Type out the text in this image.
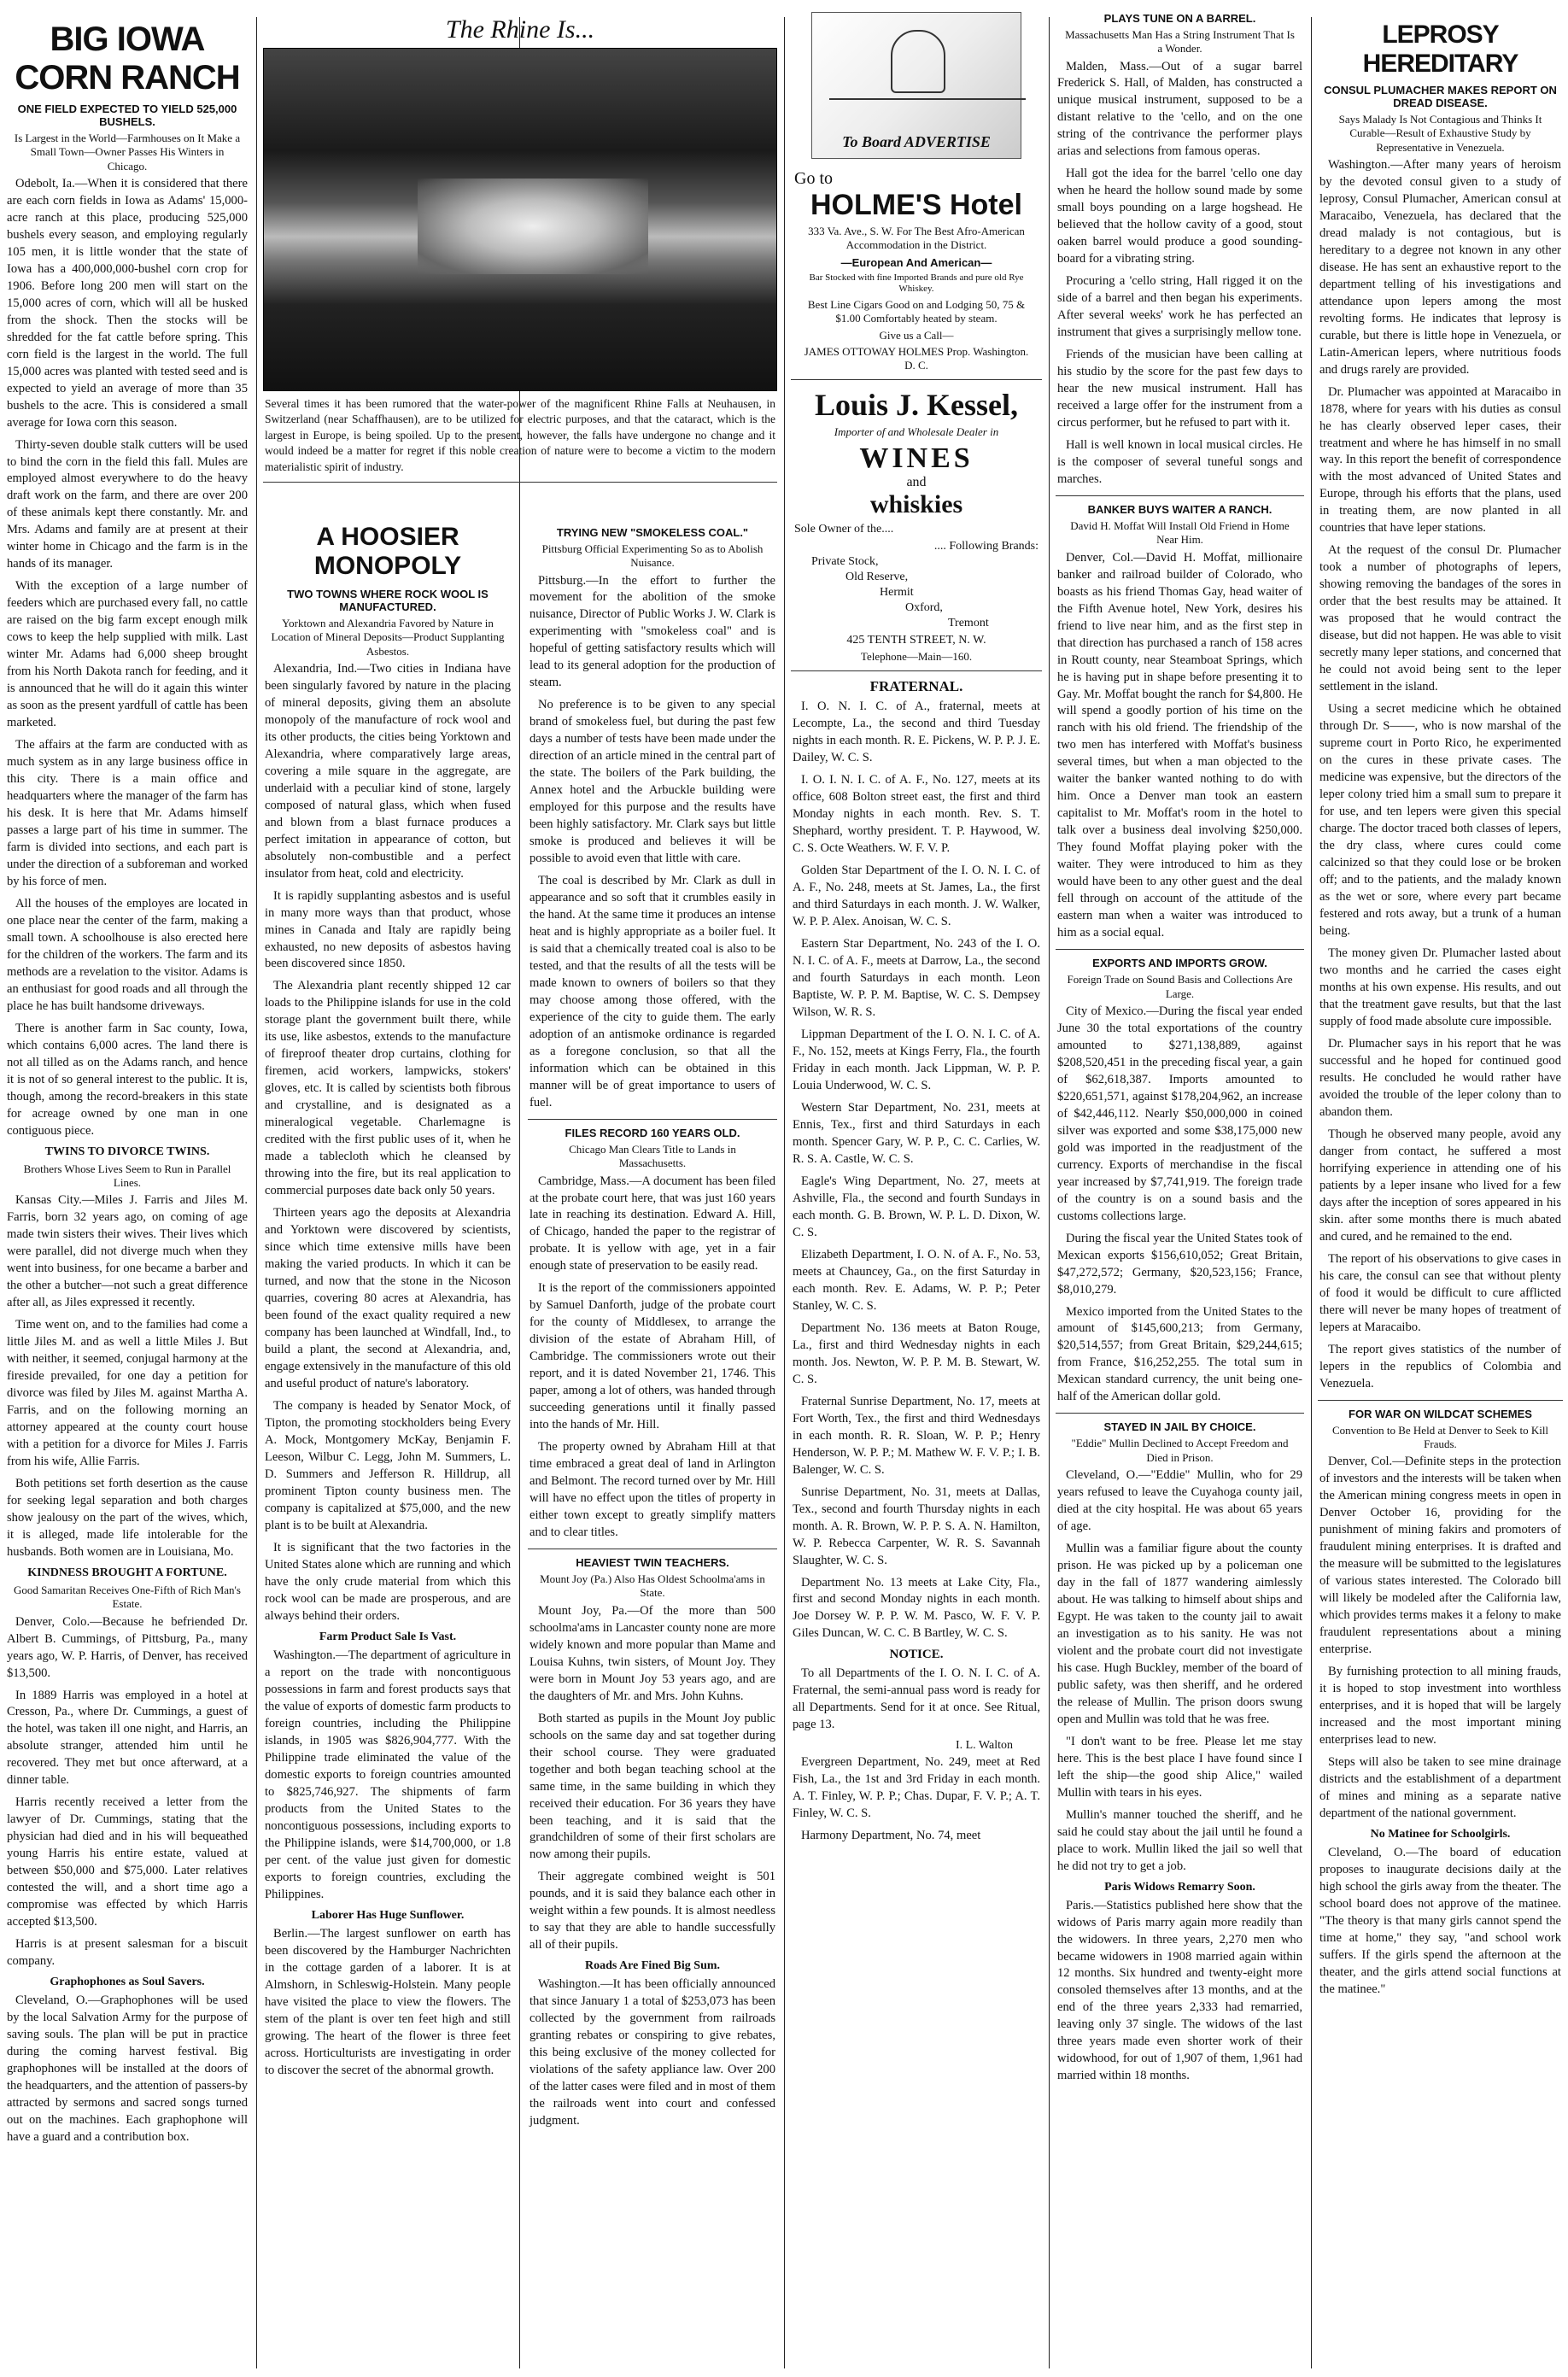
BIG IOWA CORN RANCH
ONE FIELD EXPECTED TO YIELD 525,000 BUSHELS.
Is Largest in the World—Farmhouses on It Make a Small Town—Owner Passes His Winters in Chicago.
Odebolt, Ia.—When it is considered that there are each corn fields in Iowa as Adams' 15,000-acre ranch at this place, producing 525,000 bushels every season, and employing regularly 105 men, it is little wonder that the state of Iowa has a 400,000,000-bushel corn crop for 1906. Before long 200 men will start on the 15,000 acres of corn, which will all be husked from the shock. Then the stocks will be shredded for the fat cattle before spring. This corn field is the largest in the world. The full 15,000 acres was planted with tested seed and is expected to yield an average of more than 35 bushels to the acre. This is considered a small average for Iowa corn this season.
Thirty-seven double stalk cutters will be used to bind the corn in the field this fall. Mules are employed almost everywhere to do the heavy draft work on the farm, and there are over 200 of these animals kept there constantly. Mr. and Mrs. Adams and family are at present at their winter home in Chicago and the farm is in the hands of its manager.
With the exception of a large number of feeders which are purchased every fall, no cattle are raised on the big farm except enough milk cows to keep the help supplied with milk. Last winter Mr. Adams had 6,000 sheep brought from his North Dakota ranch for feeding, and it is announced that he will do it again this winter as soon as the present yardfull of cattle has been marketed.
The affairs at the farm are conducted with as much system as in any large business office in this city. There is a main office and headquarters where the manager of the farm has his desk. It is here that Mr. Adams himself passes a large part of his time in summer. The farm is divided into sections, and each part is under the direction of a subforeman and worked by his force of men.
All the houses of the employes are located in one place near the center of the farm, making a small town. A schoolhouse is also erected here for the children of the workers. The farm and its methods are a revelation to the visitor. Adams is an enthusiast for good roads and all through the place he has built handsome driveways.
There is another farm in Sac county, Iowa, which contains 6,000 acres. The land there is not all tilled as on the Adams ranch, and hence it is not of so general interest to the public. It is, though, among the record-breakers in this state for acreage owned by one man in one contiguous piece.
TWINS TO DIVORCE TWINS.
Brothers Whose Lives Seem to Run in Parallel Lines.
Kansas City.—Miles J. Farris and Jiles M. Farris, born 32 years ago, on coming of age made twin sisters their wives. Their lives which were parallel, did not diverge much when they went into business, for one became a barber and the other a butcher—not such a great difference after all, as Jiles expressed it recently.
Time went on, and to the families had come a little Jiles M. and as well a little Miles J. But with neither, it seemed, conjugal harmony at the fireside prevailed, for one day a petition for divorce was filed by Jiles M. against Martha A. Farris, and on the following morning an attorney appeared at the county court house with a petition for a divorce for Miles J. Farris from his wife, Allie Farris.
Both petitions set forth desertion as the cause for seeking legal separation and both charges show jealousy on the part of the wives, which, it is alleged, made life intolerable for the husbands. Both women are in Louisiana, Mo.
KINDNESS BROUGHT A FORTUNE.
Good Samaritan Receives One-Fifth of Rich Man's Estate.
Denver, Colo.—Because he befriended Dr. Albert B. Cummings, of Pittsburg, Pa., many years ago, W. P. Harris, of Denver, has received $13,500.
In 1889 Harris was employed in a hotel at Cresson, Pa., where Dr. Cummings, a guest of the hotel, was taken ill one night, and Harris, an absolute stranger, attended him until he recovered. They met but once afterward, at a dinner table.
Harris recently received a letter from the lawyer of Dr. Cummings, stating that the physician had died and in his will bequeathed young Harris his entire estate, valued at between $50,000 and $75,000. Later relatives contested the will, and a short time ago a compromise was effected by which Harris accepted $13,500.
Harris is at present salesman for a biscuit company.
Graphophones as Soul Savers.
Cleveland, O.—Graphophones will be used by the local Salvation Army for the purpose of saving souls. The plan will be put in practice during the coming harvest festival. Big graphophones will be installed at the doors of the headquarters, and the attention of passers-by attracted by sermons and sacred songs turned out on the machines. Each graphophone will have a guard and a contribution box.
The Rhine Is...
Several times it has been rumored that the water-power of the magnificent Rhine Falls at Neuhausen, in Switzerland (near Schaffhausen), are to be utilized for electric purposes, and that the cataract, which is the largest in Europe, is being spoiled. Up to the present, however, the falls have undergone no change and it would indeed be a matter for regret if this noble creation of nature were to become a victim to the modern materialistic spirit of industry.
A HOOSIER MONOPOLY
TWO TOWNS WHERE ROCK WOOL IS MANUFACTURED.
Yorktown and Alexandria Favored by Nature in Location of Mineral Deposits—Product Supplanting Asbestos.
Alexandria, Ind.—Two cities in Indiana have been singularly favored by nature in the placing of mineral deposits, giving them an absolute monopoly of the manufacture of rock wool and its other products, the cities being Yorktown and Alexandria, where comparatively large areas, covering a mile square in the aggregate, are underlaid with a peculiar kind of stone, largely composed of natural glass, which when fused and blown from a blast furnace produces a perfect imitation in appearance of cotton, but absolutely non-combustible and a perfect insulator from heat, cold and electricity.
It is rapidly supplanting asbestos and is useful in many more ways than that product, whose mines in Canada and Italy are rapidly being exhausted, no new deposits of asbestos having been discovered since 1850.
The Alexandria plant recently shipped 12 car loads to the Philippine islands for use in the cold storage plant the government built there, while its use, like asbestos, extends to the manufacture of fireproof theater drop curtains, clothing for firemen, acid workers, lampwicks, stokers' gloves, etc. It is called by scientists both fibrous and crystalline, and is designated as a mineralogical vegetable. Charlemagne is credited with the first public uses of it, when he made a tablecloth which he cleansed by throwing into the fire, but its real application to commercial purposes date back only 50 years.
Thirteen years ago the deposits at Alexandria and Yorktown were discovered by scientists, since which time extensive mills have been making the varied products. In which it can be turned, and now that the stone in the Nicoson quarries, covering 80 acres at Alexandria, has been found of the exact quality required a new company has been launched at Windfall, Ind., to build a plant, the second at Alexandria, and, engage extensively in the manufacture of this old and useful product of nature's laboratory.
The company is headed by Senator Mock, of Tipton, the promoting stockholders being Every A. Mock, Montgomery McKay, Benjamin F. Leeson, Wilbur C. Legg, John M. Summers, L. D. Summers and Jefferson R. Hilldrup, all prominent Tipton county business men. The company is capitalized at $75,000, and the new plant is to be built at Alexandria.
It is significant that the two factories in the United States alone which are running and which have the only crude material from which this rock wool can be made are prosperous, and are always behind their orders.
Farm Product Sale Is Vast.
Washington.—The department of agriculture in a report on the trade with noncontiguous possessions in farm and forest products says that the value of exports of domestic farm products to foreign countries, including the Philippine islands, in 1905 was $826,904,777. With the Philippine trade eliminated the value of the domestic exports to foreign countries amounted to $825,746,927. The shipments of farm products from the United States to the noncontiguous possessions, including exports to the Philippine islands, were $14,700,000, or 1.8 per cent. of the value just given for domestic exports to foreign countries, excluding the Philippines.
Laborer Has Huge Sunflower.
Berlin.—The largest sunflower on earth has been discovered by the Hamburger Nachrichten in the cottage garden of a laborer. It is at Almshorn, in Schleswig-Holstein. Many people have visited the place to view the flowers. The stem of the plant is over ten feet high and still growing. The heart of the flower is three feet across. Horticulturists are investigating in order to discover the secret of the abnormal growth.
TRYING NEW "SMOKELESS COAL."
Pittsburg Official Experimenting So as to Abolish Nuisance.
Pittsburg.—In the effort to further the movement for the abolition of the smoke nuisance, Director of Public Works J. W. Clark is experimenting with "smokeless coal" and is hopeful of getting satisfactory results which will lead to its general adoption for the production of steam.
No preference is to be given to any special brand of smokeless fuel, but during the past few days a number of tests have been made under the direction of an article mined in the central part of the state. The boilers of the Park building, the Annex hotel and the Arbuckle building were employed for this purpose and the results have been highly satisfactory. Mr. Clark says but little smoke is produced and believes it will be possible to avoid even that little with care.
The coal is described by Mr. Clark as dull in appearance and so soft that it crumbles easily in the hand. At the same time it produces an intense heat and is highly appropriate as a boiler fuel. It is said that a chemically treated coal is also to be tested, and that the results of all the tests will be made known to owners of boilers so that they may choose among those offered, with the experience of the city to guide them. The early adoption of an antismoke ordinance is regarded as a foregone conclusion, so that all the information which can be obtained in this manner will be of great importance to users of fuel.
FILES RECORD 160 YEARS OLD.
Chicago Man Clears Title to Lands in Massachusetts.
Cambridge, Mass.—A document has been filed at the probate court here, that was just 160 years late in reaching its destination. Edward A. Hill, of Chicago, handed the paper to the registrar of probate. It is yellow with age, yet in a fair enough state of preservation to be easily read.
It is the report of the commissioners appointed by Samuel Danforth, judge of the probate court for the county of Middlesex, to arrange the division of the estate of Abraham Hill, of Cambridge. The commissioners wrote out their report, and it is dated November 21, 1746. This paper, among a lot of others, was handed through succeeding generations until it finally passed into the hands of Mr. Hill.
The property owned by Abraham Hill at that time embraced a great deal of land in Arlington and Belmont. The record turned over by Mr. Hill will have no effect upon the titles of property in either town except to greatly simplify matters and to clear titles.
HEAVIEST TWIN TEACHERS.
Mount Joy (Pa.) Also Has Oldest Schoolma'ams in State.
Mount Joy, Pa.—Of the more than 500 schoolma'ams in Lancaster county none are more widely known and more popular than Mame and Louisa Kuhns, twin sisters, of Mount Joy. They were born in Mount Joy 53 years ago, and are the daughters of Mr. and Mrs. John Kuhns.
Both started as pupils in the Mount Joy public schools on the same day and sat together during their school course. They were graduated together and both began teaching school at the same time, in the same building in which they received their education. For 36 years they have been teaching, and it is said that the grandchildren of some of their first scholars are now among their pupils.
Their aggregate combined weight is 501 pounds, and it is said they balance each other in weight within a few pounds. It is almost needless to say that they are able to handle successfully all of their pupils.
Roads Are Fined Big Sum.
Washington.—It has been officially announced that since January 1 a total of $253,073 has been collected by the government from railroads granting rebates or conspiring to give rebates, this being exclusive of the money collected for violations of the safety appliance law. Over 200 of the latter cases were filed and in most of them the railroads went into court and confessed judgment.
To Board ADVERTISE
Go to
HOLME'S Hotel
333 Va. Ave., S. W. For The Best Afro-American Accommodation in the District.
—European And American—
Bar Stocked with fine Imported Brands and pure old Rye Whiskey.
Best Line Cigars Good on and Lodging 50, 75 & $1.00 Comfortably heated by steam.
Give us a Call—
JAMES OTTOWAY HOLMES Prop. Washington. D. C.
Louis J. Kessel,
Importer of and Wholesale Dealer in
WINES
and
whiskies
Sole Owner of the....
.... Following Brands:
Private Stock,
Old Reserve,
Hermit
Oxford,
Tremont
425 TENTH STREET, N. W.
Telephone—Main—160.
FRATERNAL.
I. O. N. I. C. of A., fraternal, meets at Lecompte, La., the second and third Tuesday nights in each month. R. E. Pickens, W. P. P. J. E. Dailey, W. C. S.
I. O. I. N. I. C. of A. F., No. 127, meets at its office, 608 Bolton street east, the first and third Monday nights in each month. Rev. S. T. Shephard, worthy president. T. P. Haywood, W. C. S. Octe Weathers. W. F. V. P.
Golden Star Department of the I. O. N. I. C. of A. F., No. 248, meets at St. James, La., the first and third Saturdays in each month. J. W. Walker, W. P. P. Alex. Anoisan, W. C. S.
Eastern Star Department, No. 243 of the I. O. N. I. C. of A. F., meets at Darrow, La., the second and fourth Saturdays in each month. Leon Baptiste, W. P. P. M. Baptise, W. C. S. Dempsey Wilson, W. R. S.
Lippman Department of the I. O. N. I. C. of A. F., No. 152, meets at Kings Ferry, Fla., the fourth Friday in each month. Jack Lippman, W. P. P. Louia Underwood, W. C. S.
Western Star Department, No. 231, meets at Ennis, Tex., first and third Saturdays in each month. Spencer Gary, W. P. P., C. C. Carlies, W. R. S. A. Castle, W. C. S.
Eagle's Wing Department, No. 27, meets at Ashville, Fla., the second and fourth Sundays in each month. G. B. Brown, W. P. L. D. Dixon, W. C. S.
Elizabeth Department, I. O. N. of A. F., No. 53, meets at Chauncey, Ga., on the first Saturday in each month. Rev. E. Adams, W. P. P.; Peter Stanley, W. C. S.
Department No. 136 meets at Baton Rouge, La., first and third Wednesday nights in each month. Jos. Newton, W. P. P. M. B. Stewart, W. C. S.
Fraternal Sunrise Department, No. 17, meets at Fort Worth, Tex., the first and third Wednesdays in each month. R. R. Sloan, W. P. P.; Henry Henderson, W. P. P.; M. Mathew W. F. V. P.; I. B. Balenger, W. C. S.
Sunrise Department, No. 31, meets at Dallas, Tex., second and fourth Thursday nights in each month. A. R. Brown, W. P. P. S. A. N. Hamilton, W. P. Rebecca Carpenter, W. R. S. Savannah Slaughter, W. C. S.
Department No. 13 meets at Lake City, Fla., first and second Monday nights in each month. Joe Dorsey W. P. P. W. M. Pasco, W. F. V. P. Giles Duncan, W. C. C. B Bartley, W. C. S.
NOTICE.
To all Departments of the I. O. N. I. C. of A. Fraternal, the semi-annual pass word is ready for all Departments. Send for it at once. See Ritual, page 13.
I. L. Walton
Evergreen Department, No. 249, meet at Red Fish, La., the 1st and 3rd Friday in each month. A. T. Finley, W. P. P.; Chas. Dupar, F. V. P.; A. T. Finley, W. C. S.
Harmony Department, No. 74, meet
PLAYS TUNE ON A BARREL.
Massachusetts Man Has a String Instrument That Is a Wonder.
Malden, Mass.—Out of a sugar barrel Frederick S. Hall, of Malden, has constructed a unique musical instrument, supposed to be a distant relative to the 'cello, and on the one string of the contrivance the performer plays arias and selections from famous operas.
Hall got the idea for the barrel 'cello one day when he heard the hollow sound made by some small boys pounding on a large hogshead. He believed that the hollow cavity of a good, stout oaken barrel would produce a good sounding-board for a vibrating string.
Procuring a 'cello string, Hall rigged it on the side of a barrel and then began his experiments. After several weeks' work he has perfected an instrument that gives a surprisingly mellow tone.
Friends of the musician have been calling at his studio by the score for the past few days to hear the new musical instrument. Hall has received a large offer for the instrument from a circus performer, but he refused to part with it.
Hall is well known in local musical circles. He is the composer of several tuneful songs and marches.
BANKER BUYS WAITER A RANCH.
David H. Moffat Will Install Old Friend in Home Near Him.
Denver, Col.—David H. Moffat, millionaire banker and railroad builder of Colorado, who boasts as his friend Thomas Gay, head waiter of the Fifth Avenue hotel, New York, desires his friend to live near him, and as the first step in that direction has purchased a ranch of 158 acres in Routt county, near Steamboat Springs, which he is having put in shape before presenting it to Gay. Mr. Moffat bought the ranch for $4,800. He will spend a goodly portion of his time on the ranch with his old friend. The friendship of the two men has interfered with Moffat's business several times, but when a man objected to the waiter the banker wanted nothing to do with him. Once a Denver man took an eastern capitalist to Mr. Moffat's room in the hotel to talk over a business deal involving $250,000. They found Moffat playing poker with the waiter. They were introduced to him as they would have been to any other guest and the deal fell through on account of the attitude of the eastern man when a waiter was introduced to him as a social equal.
EXPORTS AND IMPORTS GROW.
Foreign Trade on Sound Basis and Collections Are Large.
City of Mexico.—During the fiscal year ended June 30 the total exportations of the country amounted to $271,138,889, against $208,520,451 in the preceding fiscal year, a gain of $62,618,387. Imports amounted to $220,651,571, against $178,204,962, an increase of $42,446,112. Nearly $50,000,000 in coined silver was exported and some $38,175,000 new gold was imported in the readjustment of the currency. Exports of merchandise in the fiscal year increased by $7,741,919. The foreign trade of the country is on a sound basis and the customs collections large.
During the fiscal year the United States took of Mexican exports $156,610,052; Great Britain, $47,272,572; Germany, $20,523,156; France, $8,010,279.
Mexico imported from the United States to the amount of $145,600,213; from Germany, $20,514,557; from Great Britain, $29,244,615; from France, $16,252,255. The total sum in Mexican standard currency, the unit being one-half of the American dollar gold.
STAYED IN JAIL BY CHOICE.
"Eddie" Mullin Declined to Accept Freedom and Died in Prison.
Cleveland, O.—"Eddie" Mullin, who for 29 years refused to leave the Cuyahoga county jail, died at the city hospital. He was about 65 years of age.
Mullin was a familiar figure about the county prison. He was picked up by a policeman one day in the fall of 1877 wandering aimlessly about. He was talking to himself about ships and Egypt. He was taken to the county jail to await an investigation as to his sanity. He was not violent and the probate court did not investigate his case. Hugh Buckley, member of the board of public safety, was then sheriff, and he ordered the release of Mullin. The prison doors swung open and Mullin was told that he was free.
"I don't want to be free. Please let me stay here. This is the best place I have found since I left the ship—the good ship Alice," wailed Mullin with tears in his eyes.
Mullin's manner touched the sheriff, and he said he could stay about the jail until he found a place to work. Mullin liked the jail so well that he did not try to get a job.
Paris Widows Remarry Soon.
Paris.—Statistics published here show that the widows of Paris marry again more readily than the widowers. In three years, 2,270 men who became widowers in 1908 married again within 12 months. Six hundred and twenty-eight more consoled themselves after 13 months, and at the end of the three years 2,333 had remarried, leaving only 37 single. The widows of the last three years made even shorter work of their widowhood, for out of 1,907 of them, 1,961 had married within 18 months.
LEPROSY HEREDITARY
CONSUL PLUMACHER MAKES REPORT ON DREAD DISEASE.
Says Malady Is Not Contagious and Thinks It Curable—Result of Exhaustive Study by Representative in Venezuela.
Washington.—After many years of heroism by the devoted consul given to a study of leprosy, Consul Plumacher, American consul at Maracaibo, Venezuela, has declared that the dread malady is not contagious, but is hereditary to a degree not known in any other disease. He has sent an exhaustive report to the department telling of his investigations and attendance upon lepers among the most revolting forms. He indicates that leprosy is curable, but there is little hope in Venezuela, or Latin-American lepers, where nutritious foods and drugs rarely are provided.
Dr. Plumacher was appointed at Maracaibo in 1878, where for years with his duties as consul he has clearly observed leper cases, their treatment and where he has himself in no small way. In this report the benefit of correspondence with the most advanced of United States and Europe, through his efforts that the plans, used in treating them, are now planted in all countries that have leper stations.
At the request of the consul Dr. Plumacher took a number of photographs of lepers, showing removing the bandages of the sores in order that the best results may be attained. It was proposed that he would contract the disease, but did not happen. He was able to visit secretly many leper stations, and concerned that he could not avoid being sent to the leper settlement in the island.
Using a secret medicine which he obtained through Dr. S——, who is now marshal of the supreme court in Porto Rico, he experimented on the cures in these private cases. The medicine was expensive, but the directors of the leper colony tried him a small sum to prepare it for use, and ten lepers were given this special charge. The doctor traced both classes of lepers, the dry class, where cures could come calcinized so that they could lose or be broken off; and to the patients, and the malady known as the wet or sore, where every part became festered and rots away, but a trunk of a human being.
The money given Dr. Plumacher lasted about two months and he carried the cases eight months at his own expense. His results, and out that the treatment gave results, but that the last supply of food made absolute cure impossible.
Dr. Plumacher says in his report that he was successful and he hoped for continued good results. He concluded he would rather have avoided the trouble of the leper colony than to abandon them.
Though he observed many people, avoid any danger from contact, he suffered a most horrifying experience in attending one of his patients by a leper insane who lived for a few days after the inception of sores appeared in his skin. after some months there is much abated and cured, and he remained to the end.
The report of his observations to give cases in his care, the consul can see that without plenty of food it would be difficult to cure afflicted there will never be many hopes of treatment of lepers at Maracaibo.
The report gives statistics of the number of lepers in the republics of Colombia and Venezuela.
FOR WAR ON WILDCAT SCHEMES
Convention to Be Held at Denver to Seek to Kill Frauds.
Denver, Col.—Definite steps in the protection of investors and the interests will be taken when the American mining congress meets in open in Denver October 16, providing for the punishment of mining fakirs and promoters of fraudulent mining enterprises. It is drafted and the measure will be submitted to the legislatures of various states interested. The Colorado bill will likely be modeled after the California law, which provides terms makes it a felony to make fraudulent representations about a mining enterprise.
By furnishing protection to all mining frauds, it is hoped to stop investment into worthless enterprises, and it is hoped that will be largely increased and the most important mining enterprises lead to new.
Steps will also be taken to see mine drainage districts and the establishment of a department of mines and mining as a separate native department of the national government.
No Matinee for Schoolgirls.
Cleveland, O.—The board of education proposes to inaugurate decisions daily at the high school the girls away from the theater. The school board does not approve of the matinee. "The theory is that many girls cannot spend the time at home," they say, "and school work suffers. If the girls spend the afternoon at the theater, and the girls attend social functions at the matinee."
